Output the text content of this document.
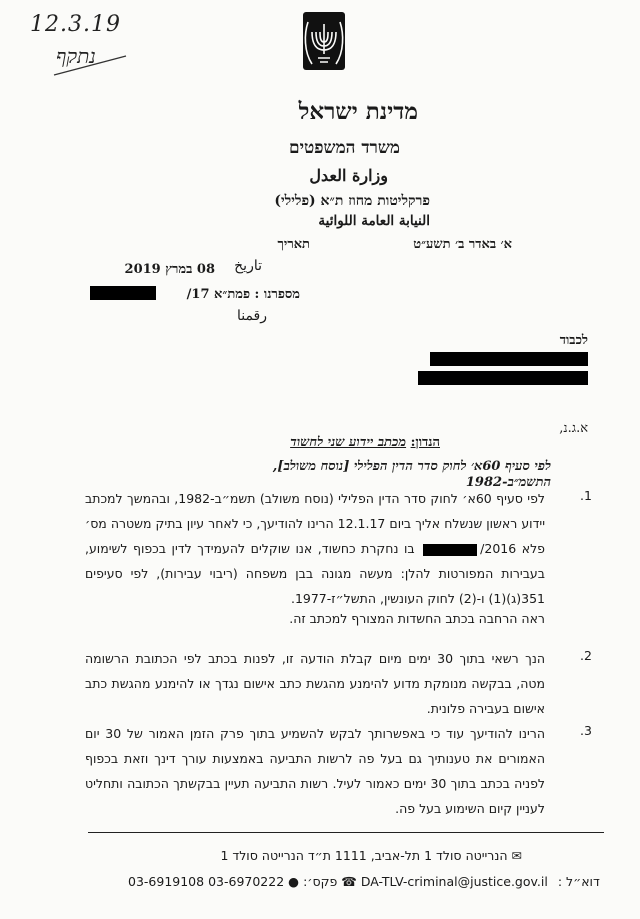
12.3.19
נתקף
מדינת ישראל
משרד המשפטים
وزارة العدل
פרקליטות מחוז ת״א (פלילי)
النيابة العامة اللوائية
תאריך	א׳ באדר ב׳ תשע״ט
تاريخ
08 במרץ 2019
מספרנו : פמת״א 17/
رقمنا
לכבוד
א.ג.נ,
הנדון: מכתב יידוע שני לחשוד
לפי סעיף 60א׳ לחוק סדר הדין הפלילי [נוסח משולב], התשמ״ב-1982
.1
לפי סעיף 60א׳ לחוק סדר הדין הפלילי (נוסח משולב) תשמ״ב-1982, ובהמשך למכתב יידוע ראשון שנשלח אליך ביום 12.1.17 הרינו להודיעך, כי לאחר עיון בתיק משטרה מס׳ פלא 2016/ בו נחקרת כחשוד, אנו שוקלים להעמידך לדין בכפוף לשימוע, בעבירות המפורטות להלן: מעשה מגונה בבן משפחה (ריבוי עבירות), לפי סעיפים 351(ג)(1) ו-(2) לחוק העונשין, התשל״ז-1977.
ראה הרחבה בכתב החשדות המצורף למכתב זה.
.2
הנך רשאי בתוך 30 ימים מיום קבלת הודעה זו, לפנות בכתב לפי הכתובת הרשומה מטה, בבקשה מנומקת מדוע להימנע מהגשת כתב אישום נגדך או להימנע מהגשת כתב אישום בעבירה פלונית.
.3
הרינו להודיעך עוד כי באפשרותך לבקש להשמיע בתוך פרק הזמן האמור של 30 יום האמורים את טענותיך גם בעל פה לרשות התביעה באמצעות עורך דינך וזאת בכפוף לפניה בכתב בתוך 30 ימים כאמור לעיל. רשות התביעה תעיין בבקשתך הכתובה ותחליט לעניין קיום השימוע בעל פה.
✉ הנרייטה סולד 1 תל-אביב, 1111 ת״ד הנרייטה סולד 1
03-6919108	פקס׳: ● 03-6970222	☎ DA-TLV-criminal@justice.gov.il דוא״ל :
